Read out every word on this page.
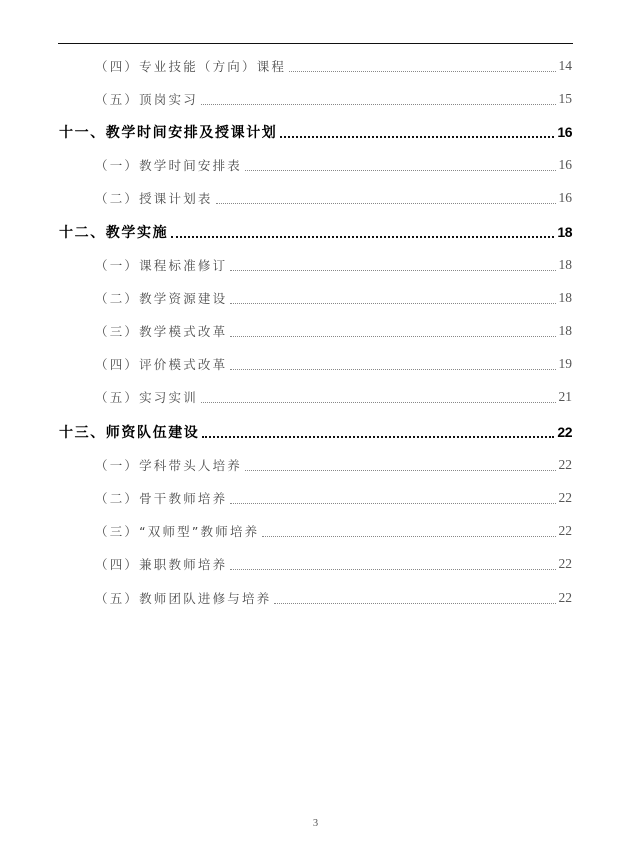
（四）专业技能（方向）课程	14
（五）顶岗实习	15
十一、教学时间安排及授课计划	16
（一）教学时间安排表	16
（二）授课计划表	16
十二、教学实施	18
（一）课程标准修订	18
（二）教学资源建设	18
（三）教学模式改革	18
（四）评价模式改革	19
（五）实习实训	21
十三、师资队伍建设	22
（一）学科带头人培养	22
（二）骨干教师培养	22
（三）“双师型”教师培养	22
（四）兼职教师培养	22
（五）教师团队进修与培养	22
3
